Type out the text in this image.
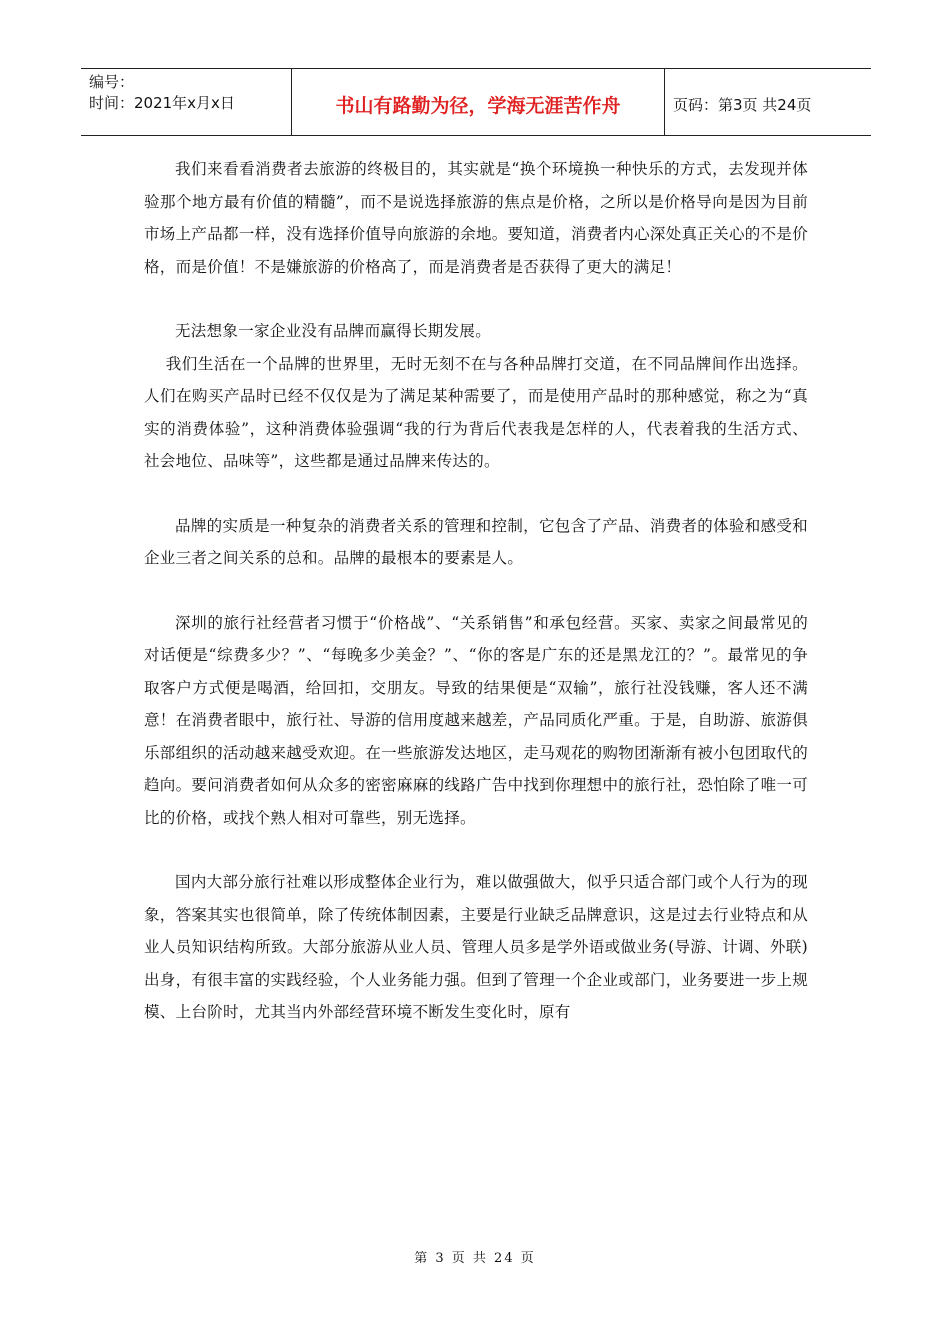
编号：
时间：2021年x月x日	书山有路勤为径，学海无涯苦作舟	页码：第3页 共24页

我们来看看消费者去旅游的终极目的，其实就是“换个环境换一种快乐的方式，去发现并体验那个地方最有价值的精髓”，而不是说选择旅游的焦点是价格，之所以是价格导向是因为目前市场上产品都一样，没有选择价值导向旅游的余地。要知道，消费者内心深处真正关心的不是价格，而是价值！不是嫌旅游的价格高了，而是消费者是否获得了更大的满足！

无法想象一家企业没有品牌而赢得长期发展。

我们生活在一个品牌的世界里，无时无刻不在与各种品牌打交道，在不同品牌间作出选择。人们在购买产品时已经不仅仅是为了满足某种需要了，而是使用产品时的那种感觉，称之为“真实的消费体验”，这种消费体验强调“我的行为背后代表我是怎样的人，代表着我的生活方式、社会地位、品味等”，这些都是通过品牌来传达的。

品牌的实质是一种复杂的消费者关系的管理和控制，它包含了产品、消费者的体验和感受和企业三者之间关系的总和。品牌的最根本的要素是人。

深圳的旅行社经营者习惯于“价格战”、“关系销售”和承包经营。买家、卖家之间最常见的对话便是“综费多少？”、“每晚多少美金？”、“你的客是广东的还是黑龙江的？”。最常见的争取客户方式便是喝酒，给回扣，交朋友。导致的结果便是“双输”，旅行社没钱赚，客人还不满意！在消费者眼中，旅行社、导游的信用度越来越差，产品同质化严重。于是，自助游、旅游俱乐部组织的活动越来越受欢迎。在一些旅游发达地区，走马观花的购物团渐渐有被小包团取代的趋向。要问消费者如何从众多的密密麻麻的线路广告中找到你理想中的旅行社，恐怕除了唯一可比的价格，或找个熟人相对可靠些，别无选择。

国内大部分旅行社难以形成整体企业行为，难以做强做大，似乎只适合部门或个人行为的现象，答案其实也很简单，除了传统体制因素，主要是行业缺乏品牌意识，这是过去行业特点和从业人员知识结构所致。大部分旅游从业人员、管理人员多是学外语或做业务(导游、计调、外联)出身，有很丰富的实践经验，个人业务能力强。但到了管理一个企业或部门，业务要进一步上规模、上台阶时，尤其当内外部经营环境不断发生变化时，原有

第 3 页 共 24 页
